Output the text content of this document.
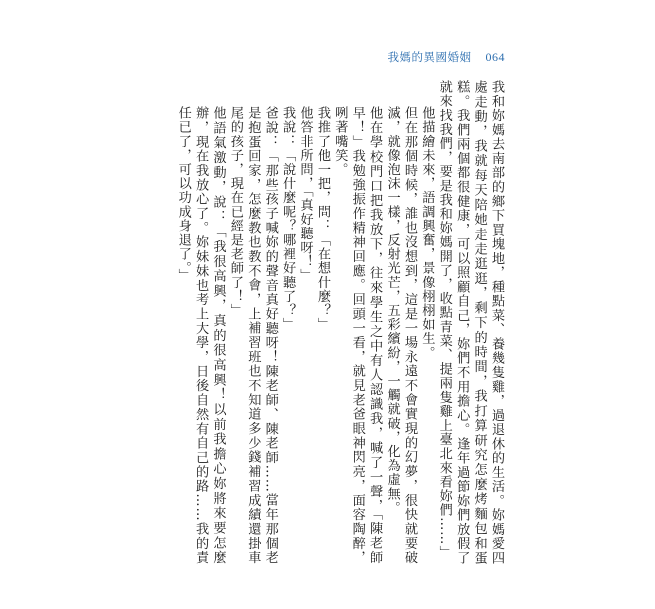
我媽的異國婚姻 064

我和妳媽去南部的鄉下買塊地，種點菜、養幾隻雞，過退休的生活。妳媽愛四處走動，我就每天陪她走走逛逛，剩下的時間，我打算研究怎麼烤麵包和蛋糕。我們兩個都很健康，可以照顧自己，妳們不用擔心。逢年過節妳們放假了就來找我們，要是我和妳媽開了，收點青菜、提兩隻雞上臺北來看妳們……」

他描繪未來，語調興奮，景像栩栩如生。

但在那個時候，誰也沒想到，這是一場永遠不會實現的幻夢，很快就要破滅，就像泡沫一樣，反射光芒，五彩繽紛，一觸就破，化為虛無。

他在學校門口把我放下，往來學生之中有人認識我，喊了一聲，「陳老師早！」我勉強振作精神回應。回頭一看，就見老爸眼神閃亮，面容陶醉，咧著嘴笑。

我推了他一把，問：「在想什麼？」

他答非所問，「真好聽呀！」

我說：「說什麼呢？哪裡好聽了？」

爸說：「那些孩子喊妳的聲音真好聽呀！陳老師、陳老師……當年那個老是抱蛋回家，怎麼教也教不會，上補習班也不知道多少錢補習成績還掛車尾的孩子，現在已經是老師了！」

他語氣激動，說：「我很高興，真的很高興！以前我擔心妳將來要怎麼辦，現在我放心了。妳妹妹也考上大學，日後自然有自己的路……我的責任已了，可以功成身退了。」
